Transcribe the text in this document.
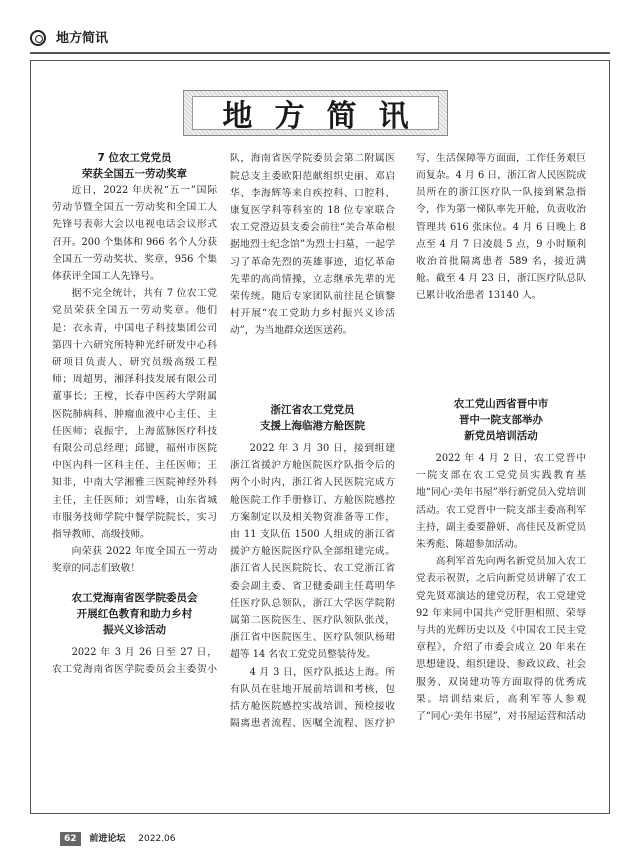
地方简讯
地方简讯
7 位农工党党员
荣获全国五一劳动奖章

近日，2022 年庆祝“五一”国际劳动节暨全国五一劳动奖和全国工人先锋号表彰大会以电视电话会议形式召开。200 个集体和 966 名个人分获全国五一劳动奖状、奖章，956 个集体获评全国工人先锋号。

据不完全统计，共有 7 位农工党党员荣获全国五一劳动奖章。他们是：衣永青，中国电子科技集团公司第四十六研究所特种光纤研发中心科研项目负责人、研究员级高级工程师；周超男，湘泽科技发展有限公司董事长；王樘，长春中医药大学附属医院肺病科、肿瘤血液中心主任、主任医师；袁振宇，上海蓝脉医疗科技有限公司总经理；邱键，福州市医院中医内科一区科主任、主任医师；王知非，中南大学湘雅三医院神经外科主任，主任医师；刘雪峰，山东省城市服务技师学院中餐学院院长，实习指导教师、高级技师。

向荣获 2022 年度全国五一劳动奖章的同志们致敬！

农工党海南省医学院委员会
开展红色教育和助力乡村
振兴义诊活动

2022 年 3 月 26 日至 27 日，农工党海南省医学院委员会主委贺小

队，海南省医学院委员会第二附属医院总支主委欧阳范献组织史丽、邓启华、李海辉等来自疾控科、口腔科、康复医学科等科室的 18 位专家联合农工党澄迈县支委会前往“美合革命根据地烈士纪念馆”为烈士扫墓，一起学习了革命先烈的英雄事迹，追忆革命先辈的高尚情操，立志继承先辈的光荣传统。随后专家团队前往昆仑镇黎村开展“农工党助力乡村振兴义诊活动”，为当地群众送医送药。

浙江省农工党党员
支援上海临港方舱医院

2022 年 3 月 30 日，接到组建浙江省援沪方舱医院医疗队指令后的两个小时内，浙江省人民医院完成方舱医院工作手册修订、方舱医院感控方案制定以及相关物资准备等工作，由 11 支队伍 1500 人组成的浙江省援沪方舱医院医疗队全部组建完成。浙江省人民医院院长、农工党浙江省委会副主委、省卫健委副主任葛明华任医疗队总领队，浙江大学医学院附属第二医院医生、医疗队领队张茂，浙江省中医院医生、医疗队领队杨珺超等 14 名农工党党员整装待发。

4 月 3 日，医疗队抵达上海。所有队员在驻地开展前培训和考核，包括方舱医院感控实战培训、预检接收隔离患者流程、医嘱全流程、医疗护

写、生活保障等方面面，工作任务艰巨而复杂。4 月 6 日，浙江省人民医院成员所在的浙江医疗队一队接到紧急指令，作为第一梯队率先开舱，负责收治管理共 616 张床位。4 月 6 日晚上 8 点至 4 月 7 日凌晨 5 点，9 小时顺利收治首批隔离患者 589 名，接近满舱。截至 4 月 23 日，浙江医疗队总队已累计收治患者 13140 人。

农工党山西省晋中市
晋中一院支部举办
新党员培训活动

2022 年 4 月 2 日，农工党晋中一院支部在农工党党员实践教育基地“同心·美年书屋”举行新党员入党培训活动。农工党晋中一院支部主委高利军主持，副主委要静妍、高佳民及新党员朱秀彪、陈超参加活动。

高利军首先向两名新党员加入农工党表示祝贺，之后向新党员讲解了农工党先贤邓演达的建党历程，农工党建党 92 年来同中国共产党肝胆相照、荣辱与共的光辉历史以及《中国农工民主党章程》，介绍了市委会成立 20 年来在思想建设、组织建设、参政议政、社会服务、双岗建功等方面取得的优秀成果。培训结束后，高利军等人参观了“同心·美年书屋”，对书屋运营和活动

62 前进论坛 2022.06
